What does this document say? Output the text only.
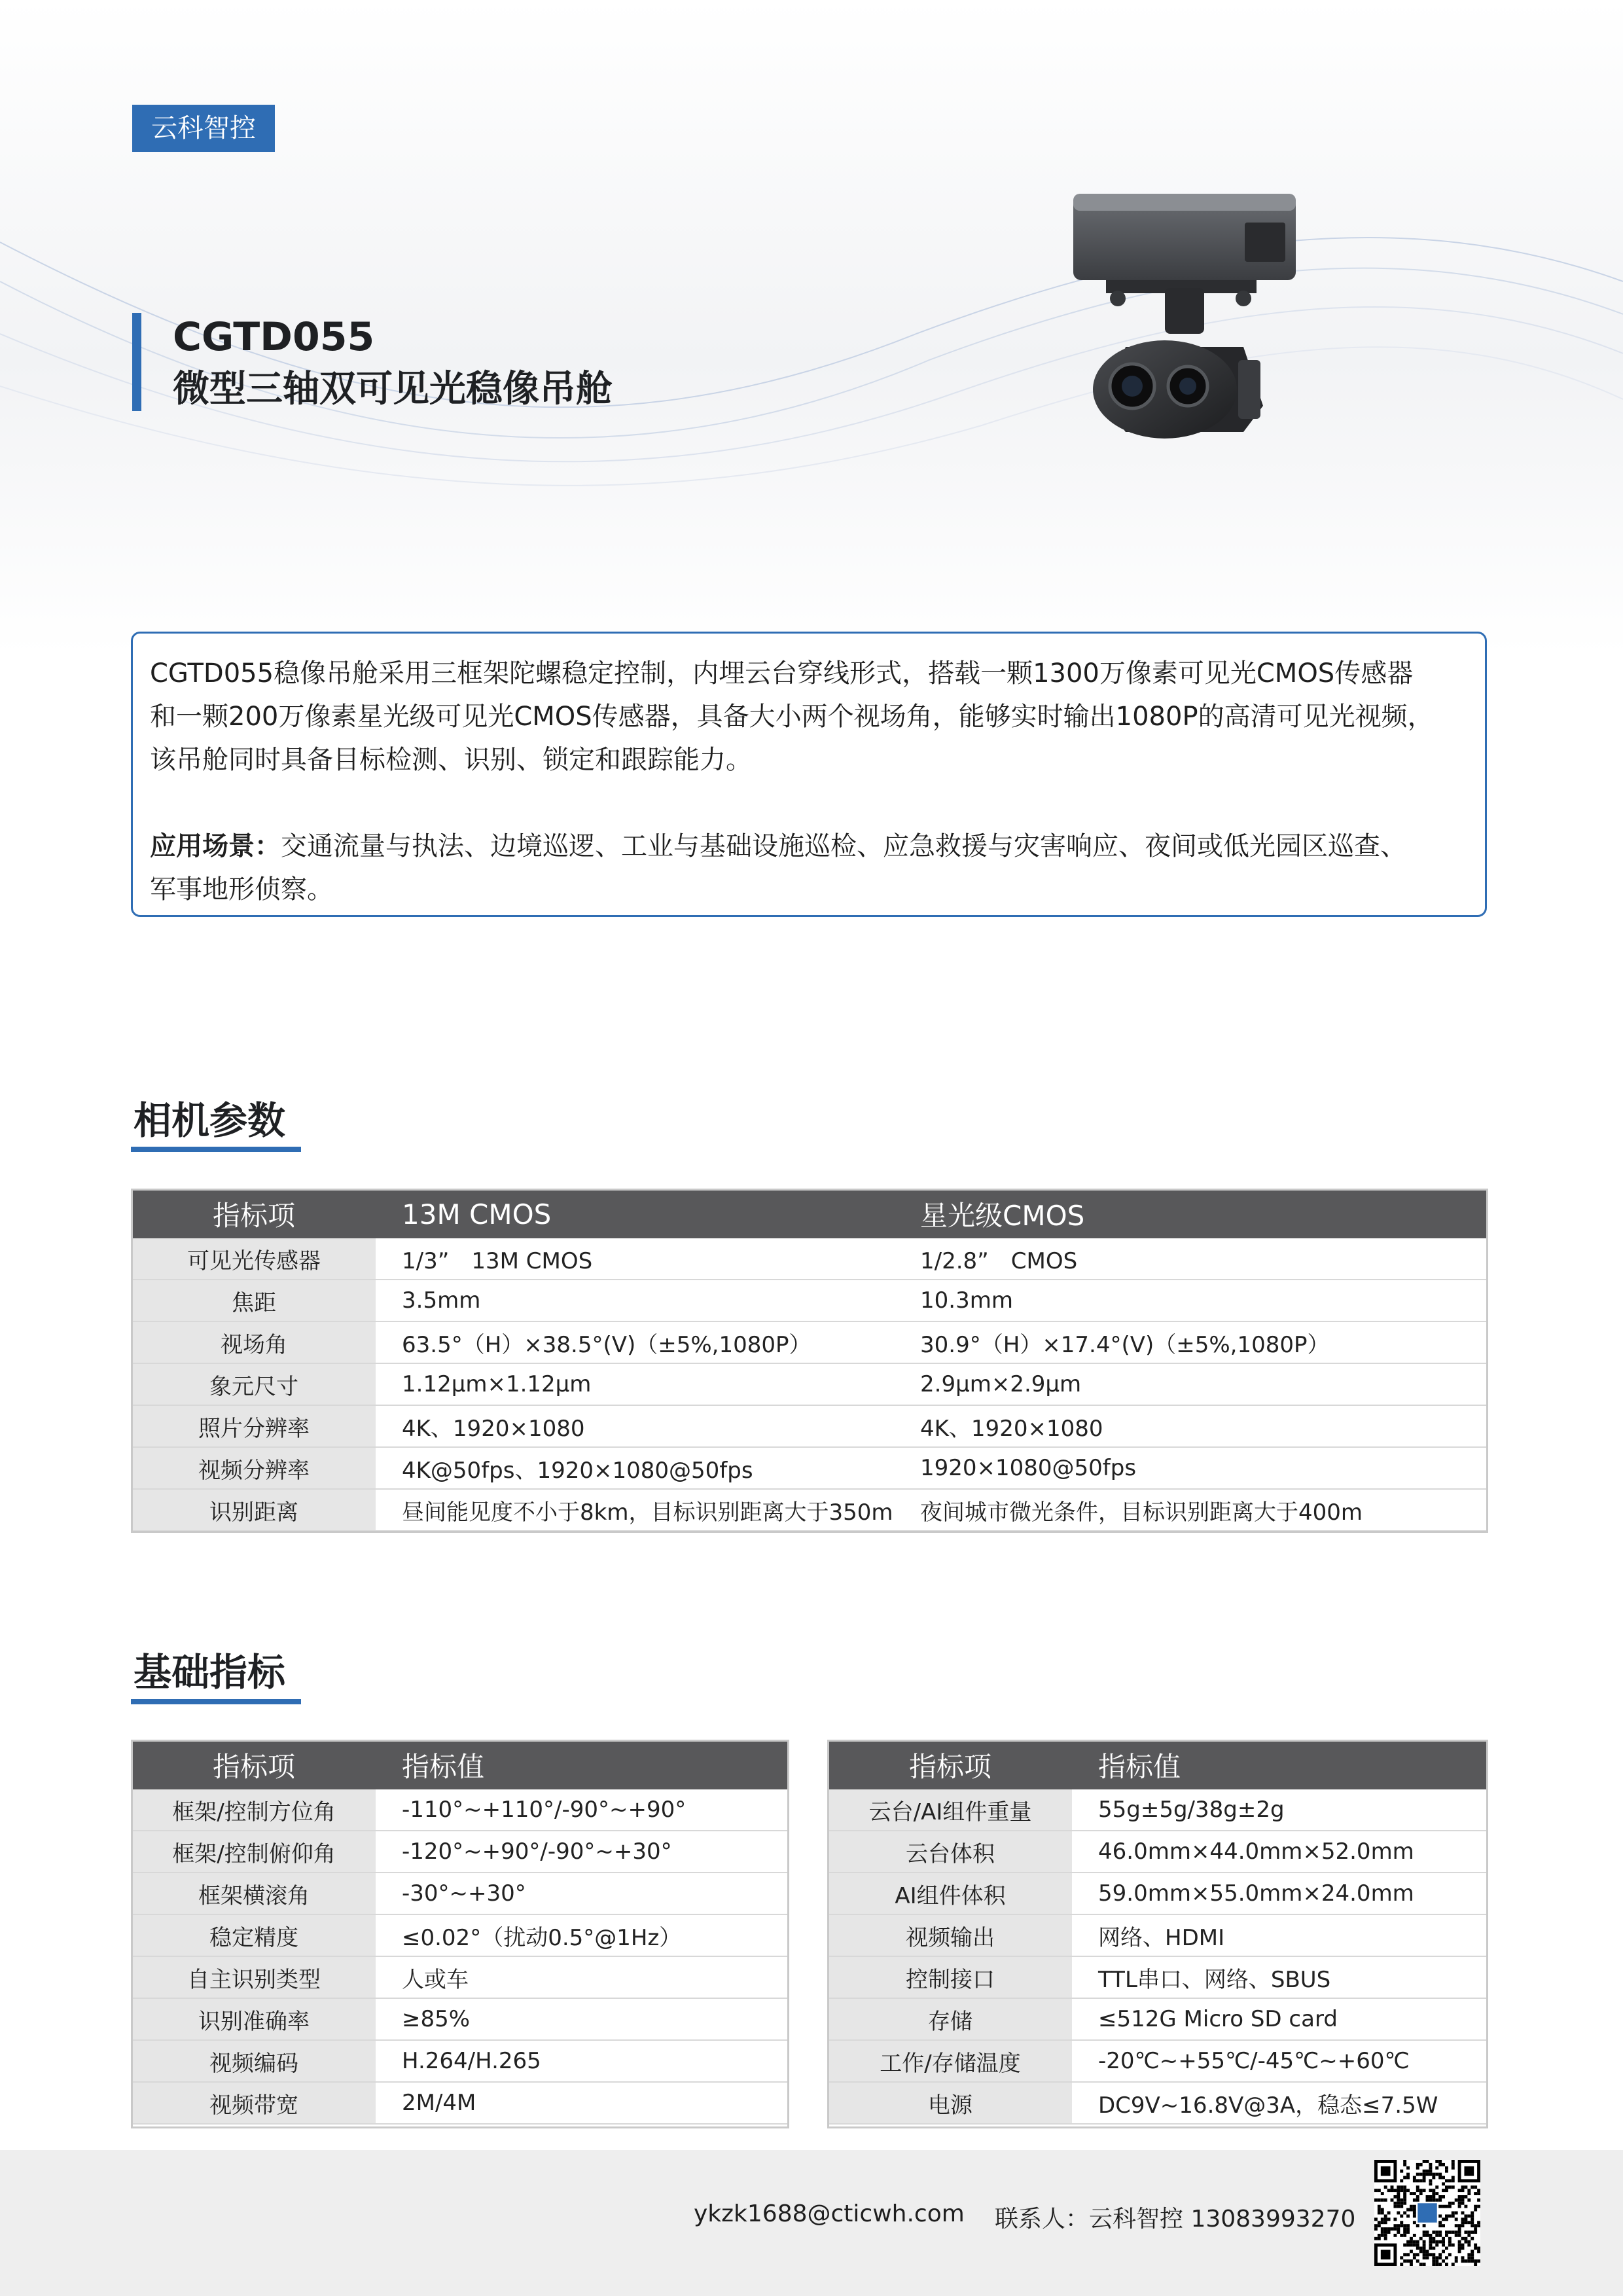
云科智控
CGTD055
微型三轴双可见光稳像吊舱

CGTD055稳像吊舱采用三框架陀螺稳定控制，内埋云台穿线形式，搭载一颗1300万像素可见光CMOS传感器

和一颗200万像素星光级可见光CMOS传感器，具备大小两个视场角，能够实时输出1080P的高清可见光视频，

该吊舱同时具备目标检测、识别、锁定和跟踪能力。

应用场景：交通流量与执法、边境巡逻、工业与基础设施巡检、应急救援与灾害响应、夜间或低光园区巡查、

军事地形侦察。

相机参数
指标项	13M CMOS	星光级CMOS
可见光传感器	1/3”　13M CMOS	1/2.8”　CMOS
焦距	3.5mm	10.3mm
视场角	63.5°（H）×38.5°(V)（±5%,1080P）	30.9°（H）×17.4°(V)（±5%,1080P）
象元尺寸	1.12μm×1.12μm	2.9μm×2.9μm
照片分辨率	4K、1920×1080	4K、1920×1080
视频分辨率	4K@50fps、1920×1080@50fps	1920×1080@50fps
识别距离	昼间能见度不小于8km，目标识别距离大于350m	夜间城市微光条件，目标识别距离大于400m
基础指标
指标项	指标值
框架/控制方位角	-110°~+110°/-90°~+90°
框架/控制俯仰角	-120°~+90°/-90°~+30°
框架横滚角	-30°~+30°
稳定精度	≤0.02°（扰动0.5°@1Hz）
自主识别类型	人或车
识别准确率	≥85%
视频编码	H.264/H.265
视频带宽	2M/4M
指标项	指标值
云台/AI组件重量	55g±5g/38g±2g
云台体积	46.0mm×44.0mm×52.0mm
AI组件体积	59.0mm×55.0mm×24.0mm
视频输出	网络、HDMI
控制接口	TTL串口、网络、SBUS
存储	≤512G Micro SD card
工作/存储温度	-20℃~+55℃/-45℃~+60℃
电源	DC9V~16.8V@3A，稳态≤7.5W
ykzk1688@cticwh.com 联系人：云科智控 13083993270
